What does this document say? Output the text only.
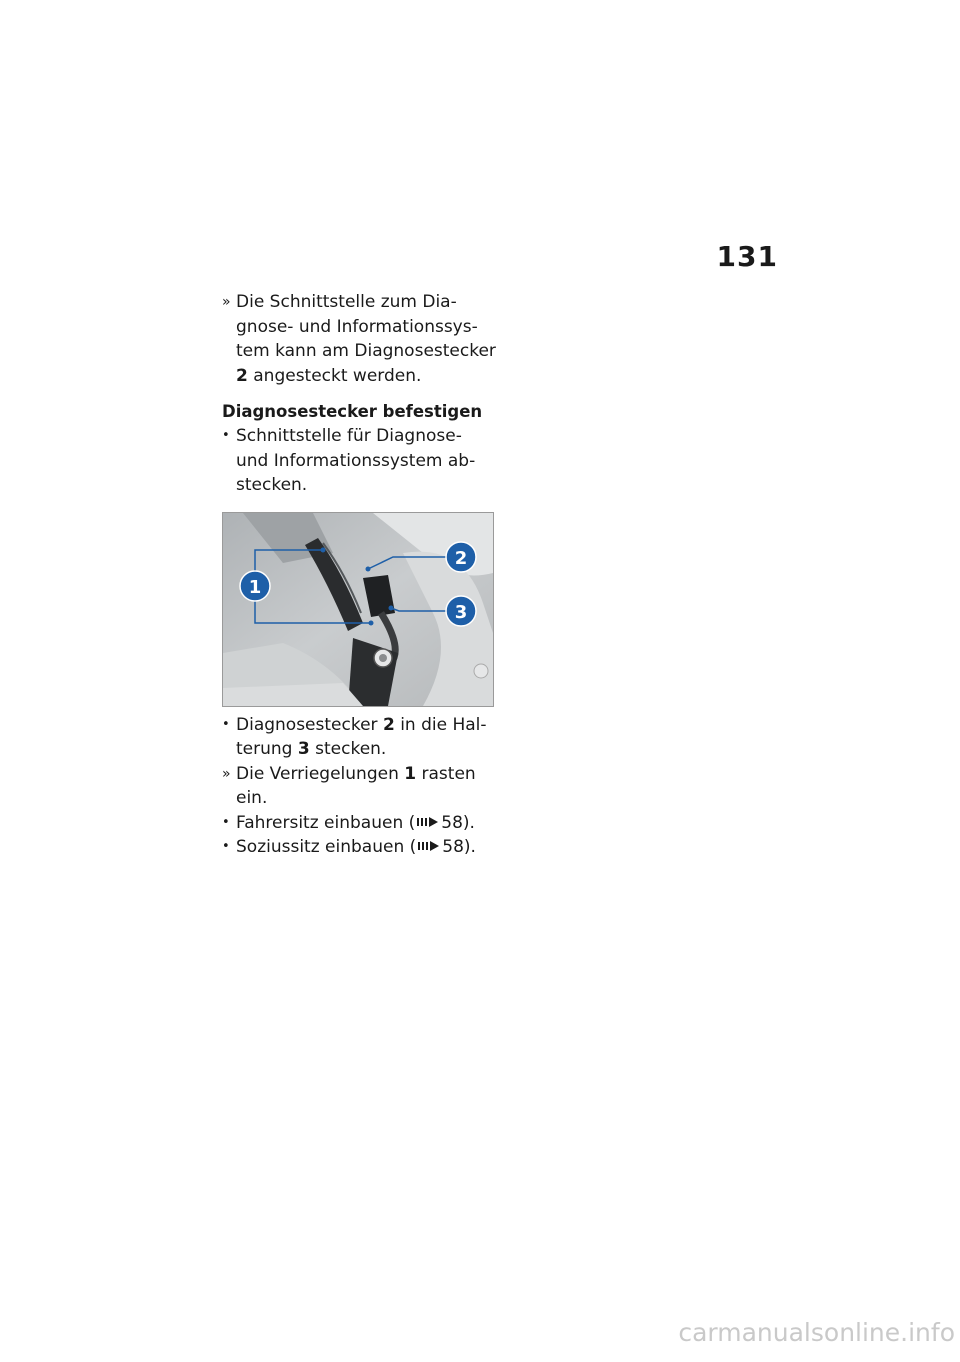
131
» Die Schnittstelle zum Diagnose- und Informationssystem kann am Diagnosestecker 2 angesteckt werden.
Diagnosestecker befestigen
• Schnittstelle für Diagnose- und Informationssystem abstecken.
1
2
3
• Diagnosestecker 2 in die Halterung 3 stecken.
» Die Verriegelungen 1 rasten ein.
• Fahrersitz einbauen ( 58).
• Soziussitz einbauen ( 58).
carmanualsonline.info
